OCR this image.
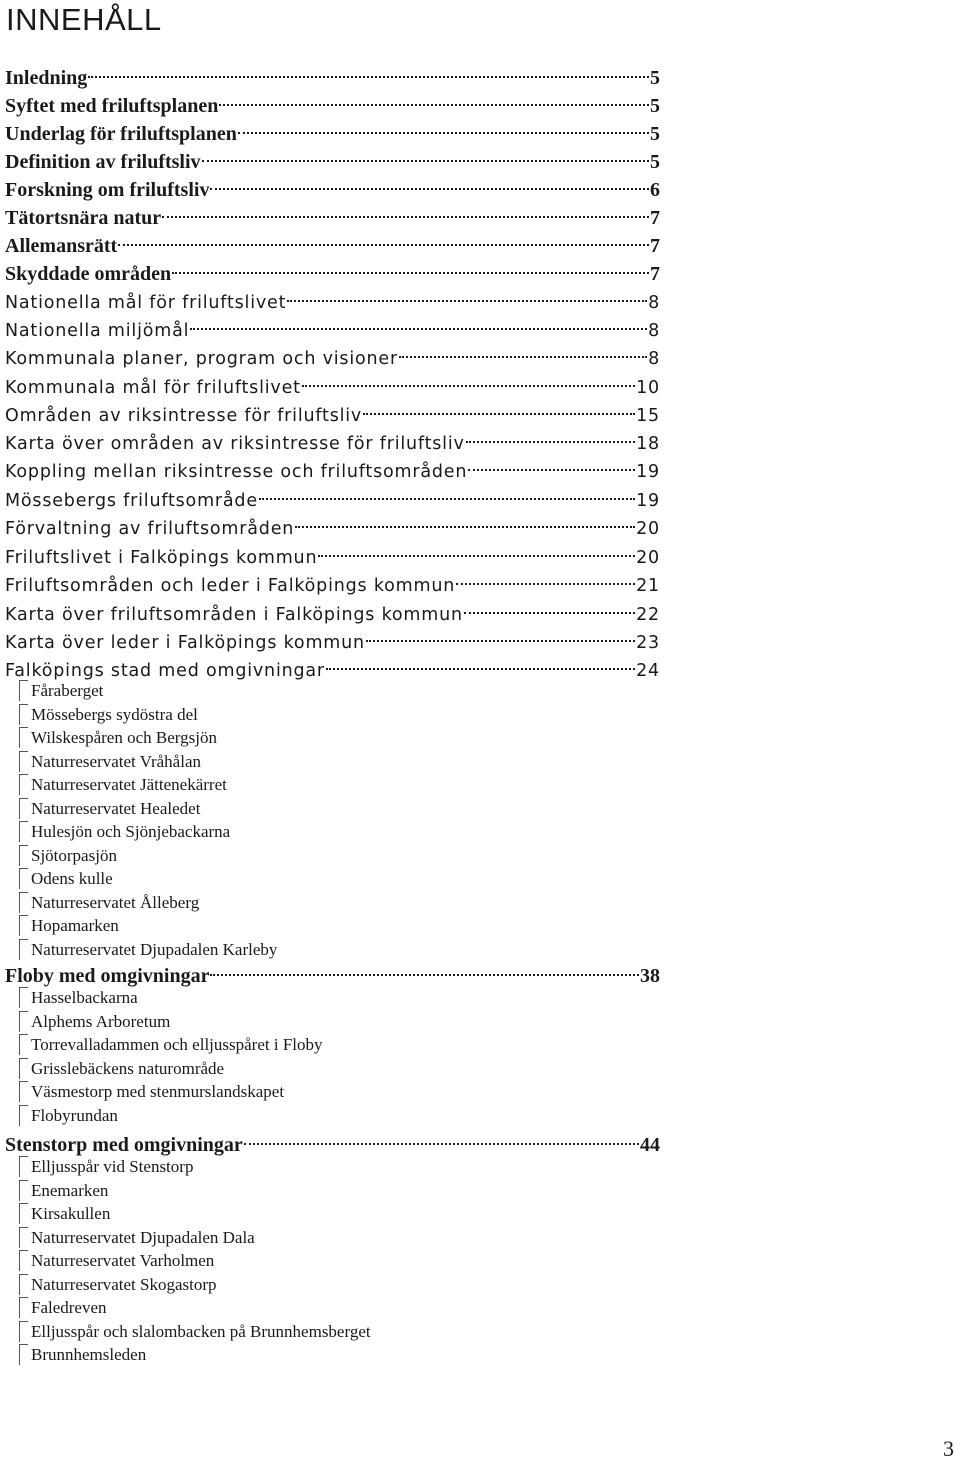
INNEHÅLL
Inledning	5
Syftet med friluftsplanen	5
Underlag för friluftsplanen	5
Definition av friluftsliv	5
Forskning om friluftsliv	6
Tätortsnära natur	7
Allemansrätt	7
Skyddade områden	7
Nationella mål för friluftslivet	8
Nationella miljömål	8
Kommunala planer, program och visioner	8
Kommunala mål för friluftslivet	10
Områden av riksintresse för friluftsliv	15
Karta över områden av riksintresse för friluftsliv	18
Koppling mellan riksintresse och friluftsområden	19
Mössebergs friluftsområde	19
Förvaltning av friluftsområden	20
Friluftslivet i Falköpings kommun	20
Friluftsområden och leder i Falköpings kommun	21
Karta över friluftsområden i Falköpings kommun	22
Karta över leder i Falköpings kommun	23
Falköpings stad med omgivningar	24
Fåraberget
Mössebergs sydöstra del
Wilskespåren och Bergsjön
Naturreservatet Vråhålan
Naturreservatet Jättenekärret
Naturreservatet Healedet
Hulesjön och Sjönjebackarna
Sjötorpasjön
Odens kulle
Naturreservatet Ålleberg
Hopamarken
Naturreservatet Djupadalen Karleby
Floby med omgivningar	38
Hasselbackarna
Alphems Arboretum
Torrevalladammen och elljusspåret i Floby
Grisslebäckens naturområde
Väsmestorp med stenmurslandskapet
Flobyrundan
Stenstorp med omgivningar	44
Elljusspår vid Stenstorp
Enemarken
Kirsakullen
Naturreservatet Djupadalen Dala
Naturreservatet Varholmen
Naturreservatet Skogastorp
Faledreven
Elljusspår och slalombacken på Brunnhemsberget
Brunnhemsleden
3
